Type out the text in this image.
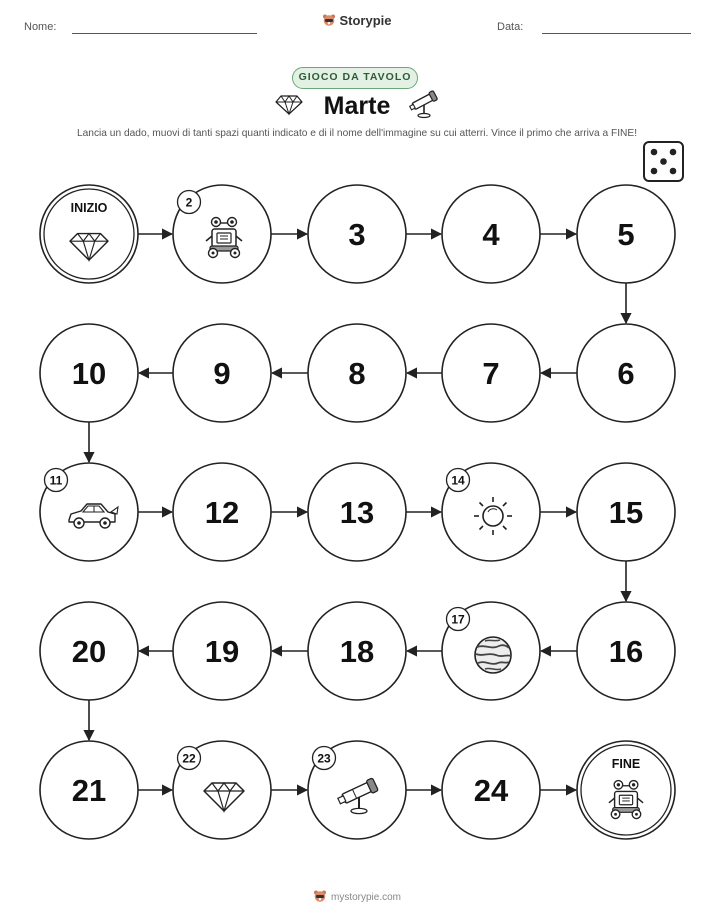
Nome:	Storypie	Data:
GIOCO DA TAVOLO
Marte
Lancia un dado, muovi di tanti spazi quanti indicato e di il nome dell'immagine su cui atterri. Vince il primo che arriva a FINE!
INIZIO	2
3	4	5
6
7
8
9
10
11
12	13
14
15
16
17
18
19
20
21
22	23
24
FINE
mystorypie.com
